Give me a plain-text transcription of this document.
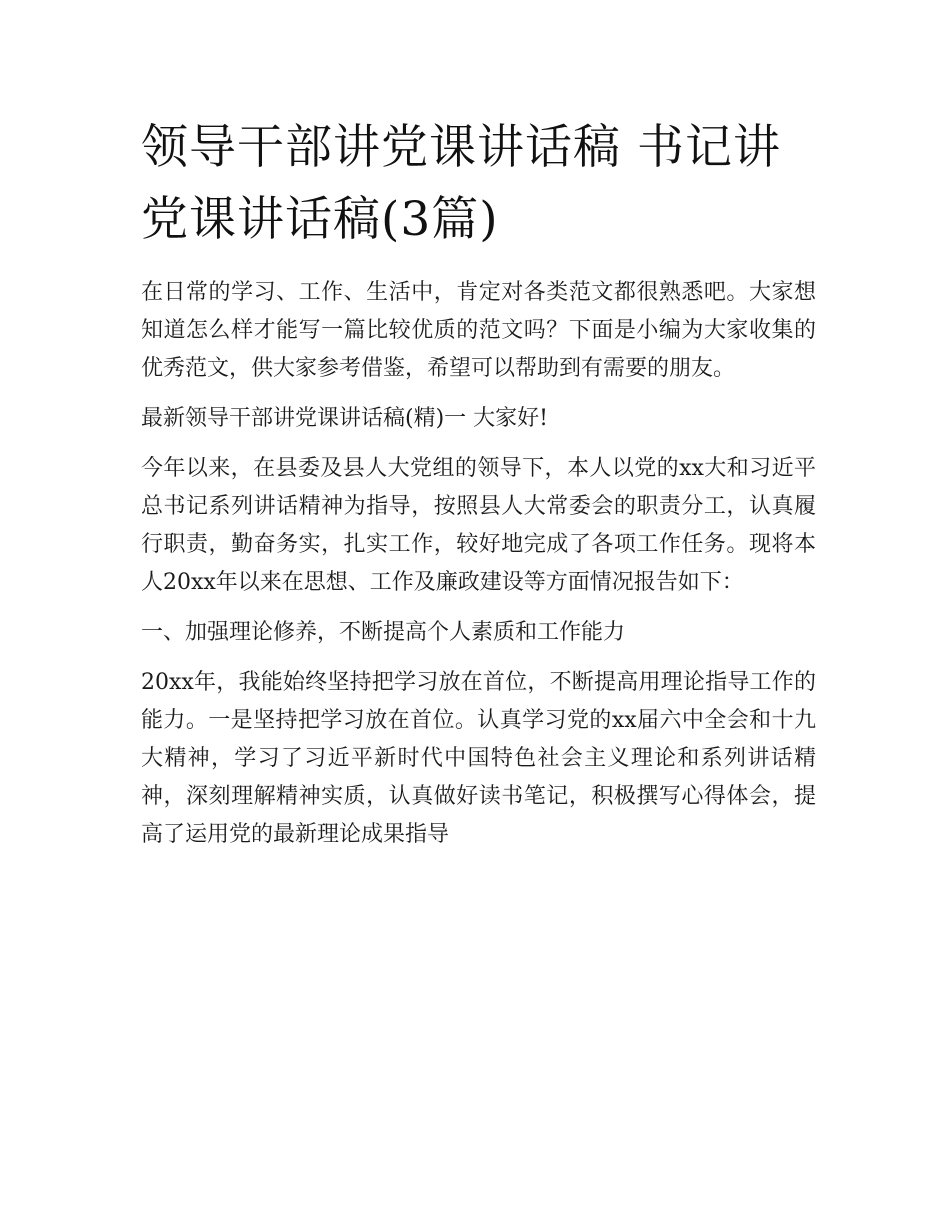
领导干部讲党课讲话稿 书记讲党课讲话稿(3篇)

在日常的学习、工作、生活中，肯定对各类范文都很熟悉吧。大家想知道怎么样才能写一篇比较优质的范文吗？下面是小编为大家收集的优秀范文，供大家参考借鉴，希望可以帮助到有需要的朋友。

最新领导干部讲党课讲话稿(精)一 大家好!

今年以来，在县委及县人大党组的领导下，本人以党的xx大和习近平总书记系列讲话精神为指导，按照县人大常委会的职责分工，认真履行职责，勤奋务实，扎实工作，较好地完成了各项工作任务。现将本人20xx年以来在思想、工作及廉政建设等方面情况报告如下：

一、加强理论修养，不断提高个人素质和工作能力

20xx年，我能始终坚持把学习放在首位，不断提高用理论指导工作的能力。一是坚持把学习放在首位。认真学习党的xx届六中全会和十九大精神，学习了习近平新时代中国特色社会主义理论和系列讲话精神，深刻理解精神实质，认真做好读书笔记，积极撰写心得体会，提高了运用党的最新理论成果指导
